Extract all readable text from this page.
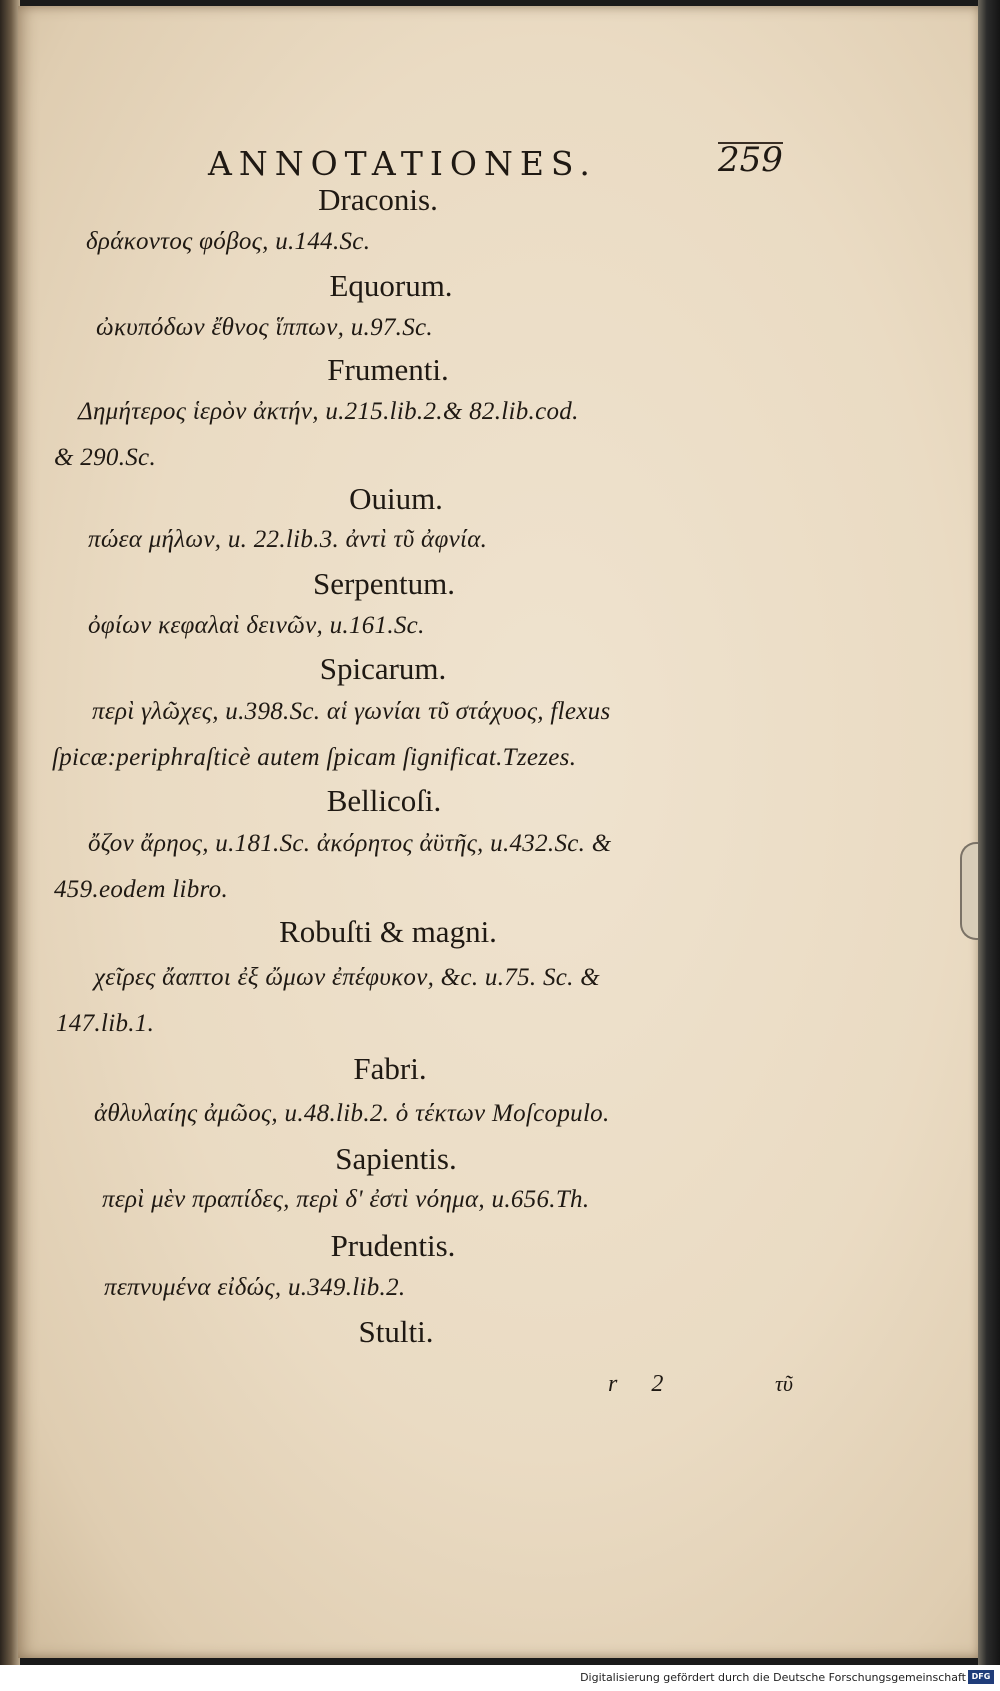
ANNOTATIONES.	259
Draconis.
δράκοντος φόβος, u.144.Sc.
Equorum.
ὠκυπόδων ἔθνος ἵππων, u.97.Sc.
Frumenti.
Δημήτερος ἱερὸν ἀκτήν, u.215.lib.2.& 82.lib.cod.
& 290.Sc.
Ouium.
πώεα μήλων, u. 22.lib.3. ἀντὶ τῦ ἀφνία.
Serpentum.
ὀφίων κεφαλαὶ δεινῶν, u.161.Sc.
Spicarum.
περὶ γλῶχες, u.398.Sc. αἱ γωνίαι τῦ στάχυος, flexus
ſpicæ:periphraſticè autem ſpicam ſignificat.Tzezes.
Bellicoſi.
ὄζον ἄρηος, u.181.Sc. ἀκόρητος ἀϋτῆς, u.432.Sc. &
459.eodem libro.
Robuſti & magni.
χεῖρες ἄαπτοι ἐξ ὤμων ἐπέφυκον, &c. u.75. Sc. &
147.lib.1.
Fabri.
ἀθλυλαίης ἀμῶος, u.48.lib.2. ὁ τέκτων Moſcopulo.
Sapientis.
περὶ μὲν πραπίδες, περὶ δ' ἐστὶ νόημα, u.656.Th.
Prudentis.
πεπνυμένα εἰδώς, u.349.lib.2.
Stulti.
r 2	τῦ
Digitalisierung gefördert durch die Deutsche Forschungsgemeinschaft DFG
